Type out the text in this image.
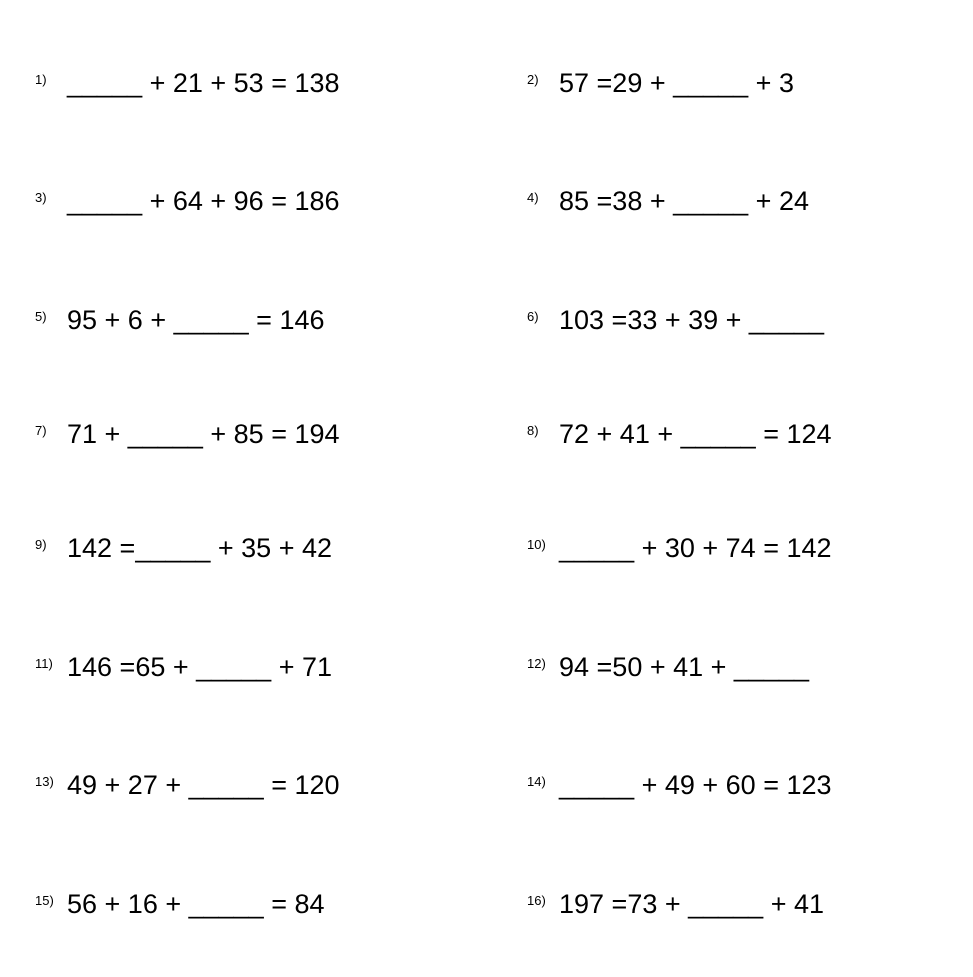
1) _____ + 21 + 53 = 138	2) 57 =29 + _____ + 3
3) _____ + 64 + 96 = 186	4) 85 =38 + _____ + 24
5) 95 + 6 + _____ = 146	6) 103 =33 + 39 + _____
7) 71 + _____ + 85 = 194	8) 72 + 41 + _____ = 124
9) 142 =_____ + 35 + 42	10) _____ + 30 + 74 = 142
11) 146 =65 + _____ + 71	12) 94 =50 + 41 + _____
13) 49 + 27 + _____ = 120	14) _____ + 49 + 60 = 123
15) 56 + 16 + _____ = 84	16) 197 =73 + _____ + 41
